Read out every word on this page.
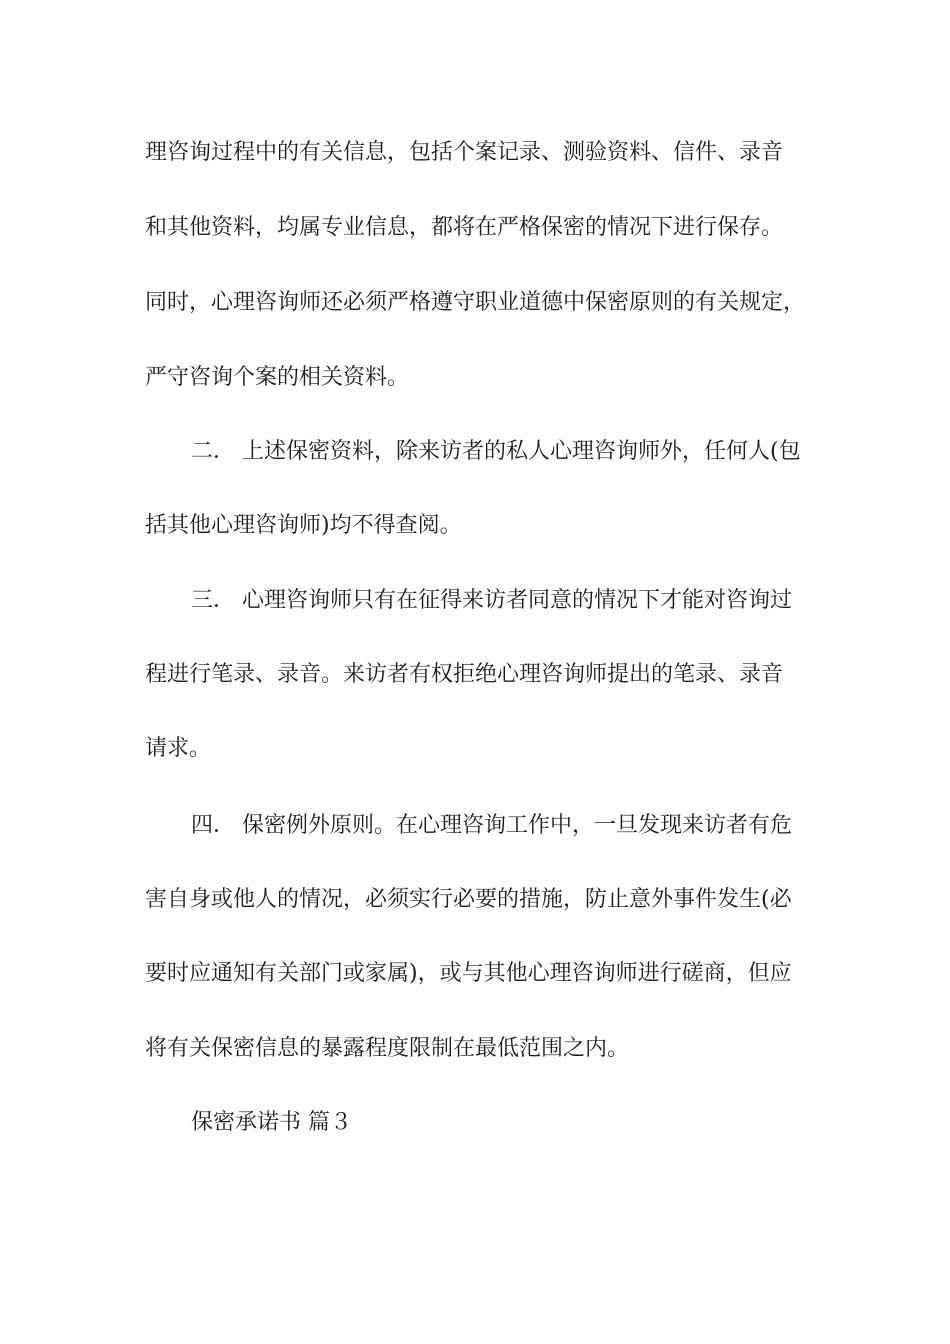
理咨询过程中的有关信息，包括个案记录、测验资料、信件、录音
和其他资料，均属专业信息，都将在严格保密的情况下进行保存。
同时，心理咨询师还必须严格遵守职业道德中保密原则的有关规定，
严守咨询个案的相关资料。
二． 上述保密资料，除来访者的私人心理咨询师外，任何人(包
括其他心理咨询师)均不得查阅。
三． 心理咨询师只有在征得来访者同意的情况下才能对咨询过
程进行笔录、录音。来访者有权拒绝心理咨询师提出的笔录、录音
请求。
四． 保密例外原则。在心理咨询工作中，一旦发现来访者有危
害自身或他人的情况，必须实行必要的措施，防止意外事件发生(必
要时应通知有关部门或家属)，或与其他心理咨询师进行磋商，但应
将有关保密信息的暴露程度限制在最低范围之内。
保密承诺书 篇３
